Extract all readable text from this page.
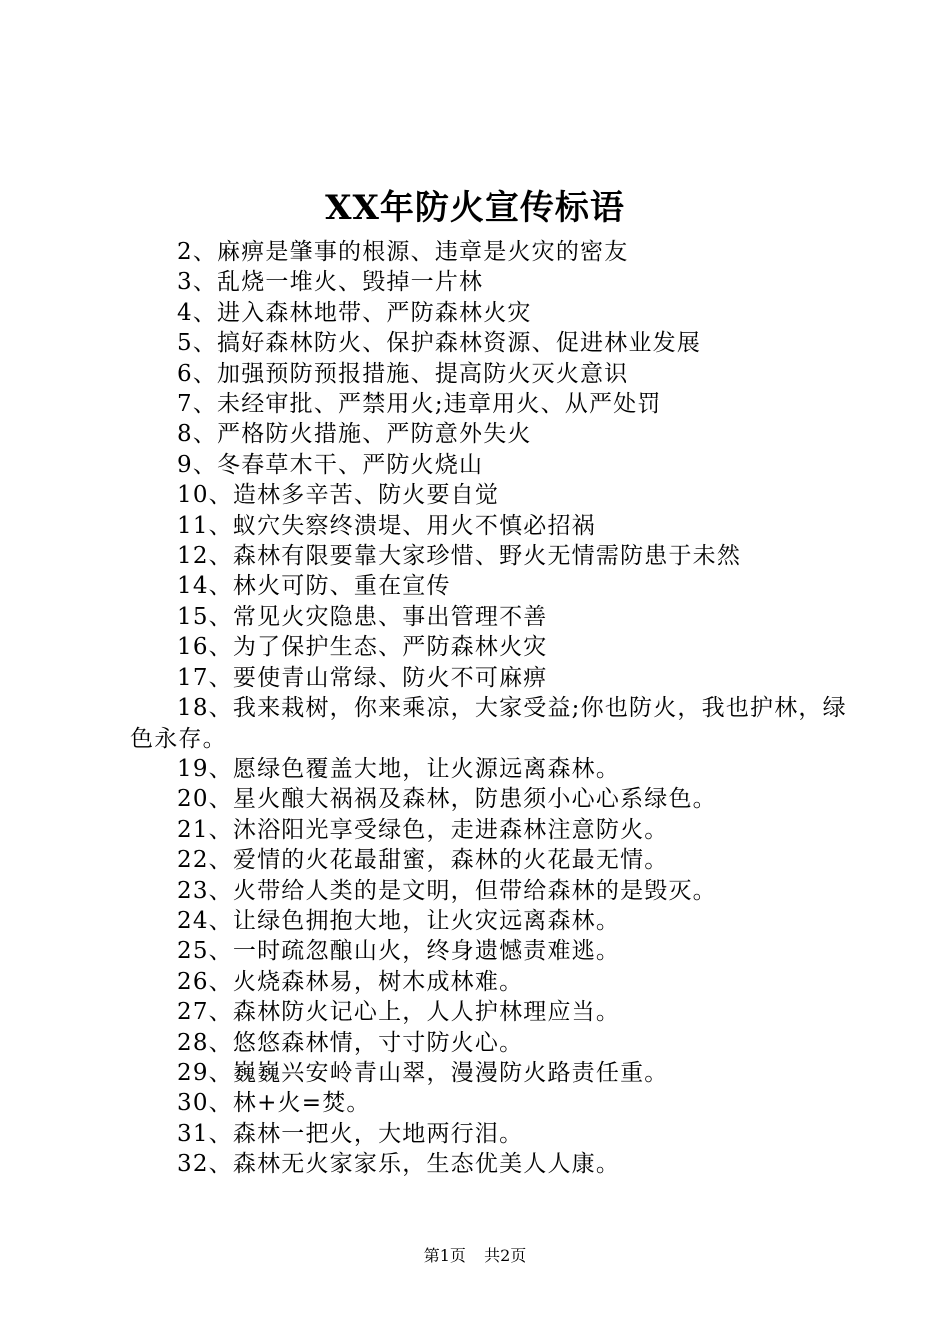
XX年防火宣传标语

2、麻痹是肇事的根源、违章是火灾的密友

3、乱烧一堆火、毁掉一片林

4、进入森林地带、严防森林火灾

5、搞好森林防火、保护森林资源、促进林业发展

6、加强预防预报措施、提高防火灭火意识

7、未经审批、严禁用火;违章用火、从严处罚

8、严格防火措施、严防意外失火

9、冬春草木干、严防火烧山

10、造林多辛苦、防火要自觉

11、蚁穴失察终溃堤、用火不慎必招祸

12、森林有限要靠大家珍惜、野火无情需防患于未然

14、林火可防、重在宣传

15、常见火灾隐患、事出管理不善

16、为了保护生态、严防森林火灾

17、要使青山常绿、防火不可麻痹

18、我来栽树，你来乘凉，大家受益;你也防火，我也护林，绿色永存。

19、愿绿色覆盖大地，让火源远离森林。

20、星火酿大祸祸及森林，防患须小心心系绿色。

21、沐浴阳光享受绿色，走进森林注意防火。

22、爱情的火花最甜蜜，森林的火花最无情。

23、火带给人类的是文明，但带给森林的是毁灭。

24、让绿色拥抱大地，让火灾远离森林。

25、一时疏忽酿山火，终身遗憾责难逃。

26、火烧森林易，树木成林难。

27、森林防火记心上，人人护林理应当。

28、悠悠森林情，寸寸防火心。

29、巍巍兴安岭青山翠，漫漫防火路责任重。

30、林+火=焚。

31、森林一把火，大地两行泪。

32、森林无火家家乐，生态优美人人康。

第1页 共2页
